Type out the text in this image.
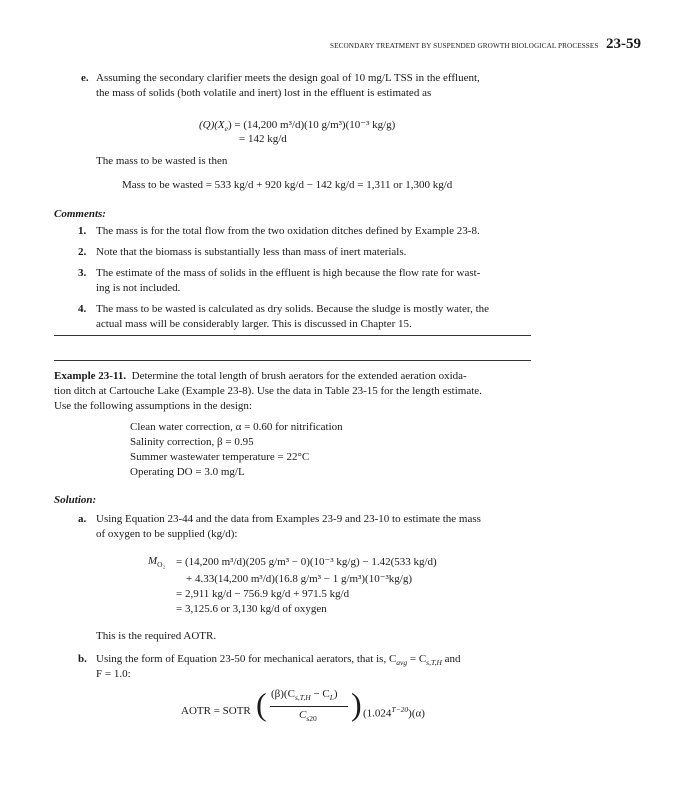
SECONDARY TREATMENT BY SUSPENDED GROWTH BIOLOGICAL PROCESSES 23-59
e. Assuming the secondary clarifier meets the design goal of 10 mg/L TSS in the effluent,
the mass of solids (both volatile and inert) lost in the effluent is estimated as
$(Q)(X_e) = (14,200$ m³/d)(10 g/m³)(10⁻³ kg/g)
= 142 kg/d
The mass to be wasted is then
Mass to be wasted = 533 kg/d + 920 kg/d − 142 kg/d = 1,311 or 1,300 kg/d
Comments:
1. The mass is for the total flow from the two oxidation ditches defined by Example 23-8.
2. Note that the biomass is substantially less than mass of inert materials.
3. The estimate of the mass of solids in the effluent is high because the flow rate for wast-
ing is not included.
4. The mass to be wasted is calculated as dry solids. Because the sludge is mostly water, the
actual mass will be considerably larger. This is discussed in Chapter 15.
Example 23-11. Determine the total length of brush aerators for the extended aeration oxida-
tion ditch at Cartouche Lake (Example 23-8). Use the data in Table 23-15 for the length estimate.
Use the following assumptions in the design:
Clean water correction, α = 0.60 for nitrification
Salinity correction, β = 0.95
Summer wastewater temperature = 22°C
Operating DO = 3.0 mg/L
Solution:
a. Using Equation 23-44 and the data from Examples 23-9 and 23-10 to estimate the mass
of oxygen to be supplied (kg/d):
$M_{O_2} = (14,200$ m³/d)(205 g/m³ − 0)(10⁻³ kg/g) − 1.42(533 kg/d)
+ 4.33(14,200 m³/d)(16.8 g/m³ − 1 g/m³)(10⁻³kg/g)
= 2,911 kg/d − 756.9 kg/d + 971.5 kg/d
= 3,125.6 or 3,130 kg/d of oxygen
This is the required AOTR.
b. Using the form of Equation 23-50 for mechanical aerators, that is, $C_{avg} = C_{s,T,H}$ and
F = 1.0:
AOTR = SOTR ( $(\beta)(C_{s,T,H} - C_L)$
$C_{s20}$ ) $(1.024^{T-20})(\alpha)$
